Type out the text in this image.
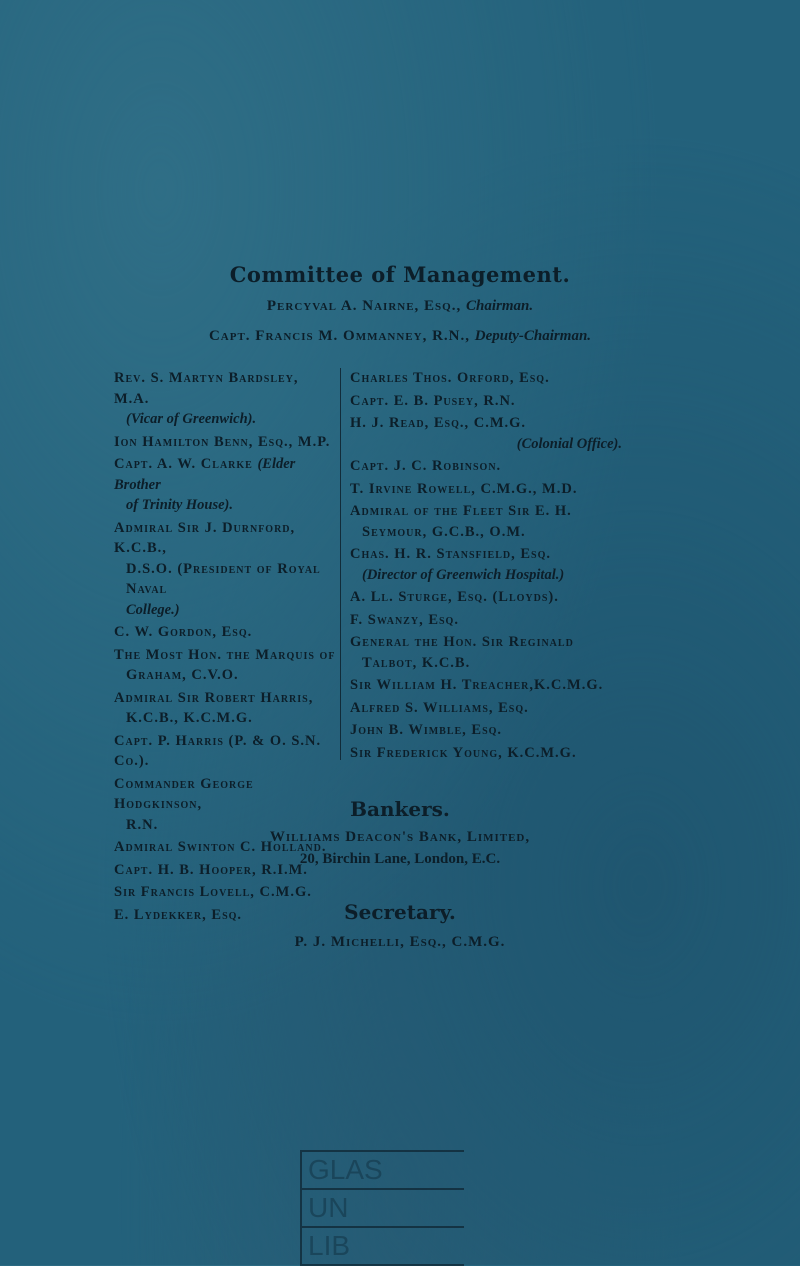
Committee of Management.
Percyval A. Nairne, Esq., Chairman.
Capt. Francis M. Ommanney, R.N., Deputy-Chairman.
Rev. S. Martyn Bardsley, M.A.
(Vicar of Greenwich).
Ion Hamilton Benn, Esq., M.P.
Capt. A. W. Clarke (Elder Brother
of Trinity House).
Admiral Sir J. Durnford, K.C.B.,
D.S.O. (President of Royal Naval
College.)
C. W. Gordon, Esq.
The Most Hon. the Marquis of
Graham, C.V.O.
Admiral Sir Robert Harris,
K.C.B., K.C.M.G.
Capt. P. Harris (P. & O. S.N. Co.).
Commander George Hodgkinson,
R.N.
Admiral Swinton C. Holland.
Capt. H. B. Hooper, R.I.M.
Sir Francis Lovell, C.M.G.
E. Lydekker, Esq.
Charles Thos. Orford, Esq.
Capt. E. B. Pusey, R.N.
H. J. Read, Esq., C.M.G.
(Colonial Office).
Capt. J. C. Robinson.
T. Irvine Rowell, C.M.G., M.D.
Admiral of the Fleet Sir E. H.
Seymour, G.C.B., O.M.
Chas. H. R. Stansfield, Esq.
(Director of Greenwich Hospital.)
A. Ll. Sturge, Esq. (Lloyds).
F. Swanzy, Esq.
General the Hon. Sir Reginald
Talbot, K.C.B.
Sir William H. Treacher,K.C.M.G.
Alfred S. Williams, Esq.
John B. Wimble, Esq.
Sir Frederick Young, K.C.M.G.
Bankers.
Williams Deacon's Bank, Limited,
20, Birchin Lane, London, E.C.
Secretary.
P. J. Michelli, Esq., C.M.G.
GLAS
UN
LIB
